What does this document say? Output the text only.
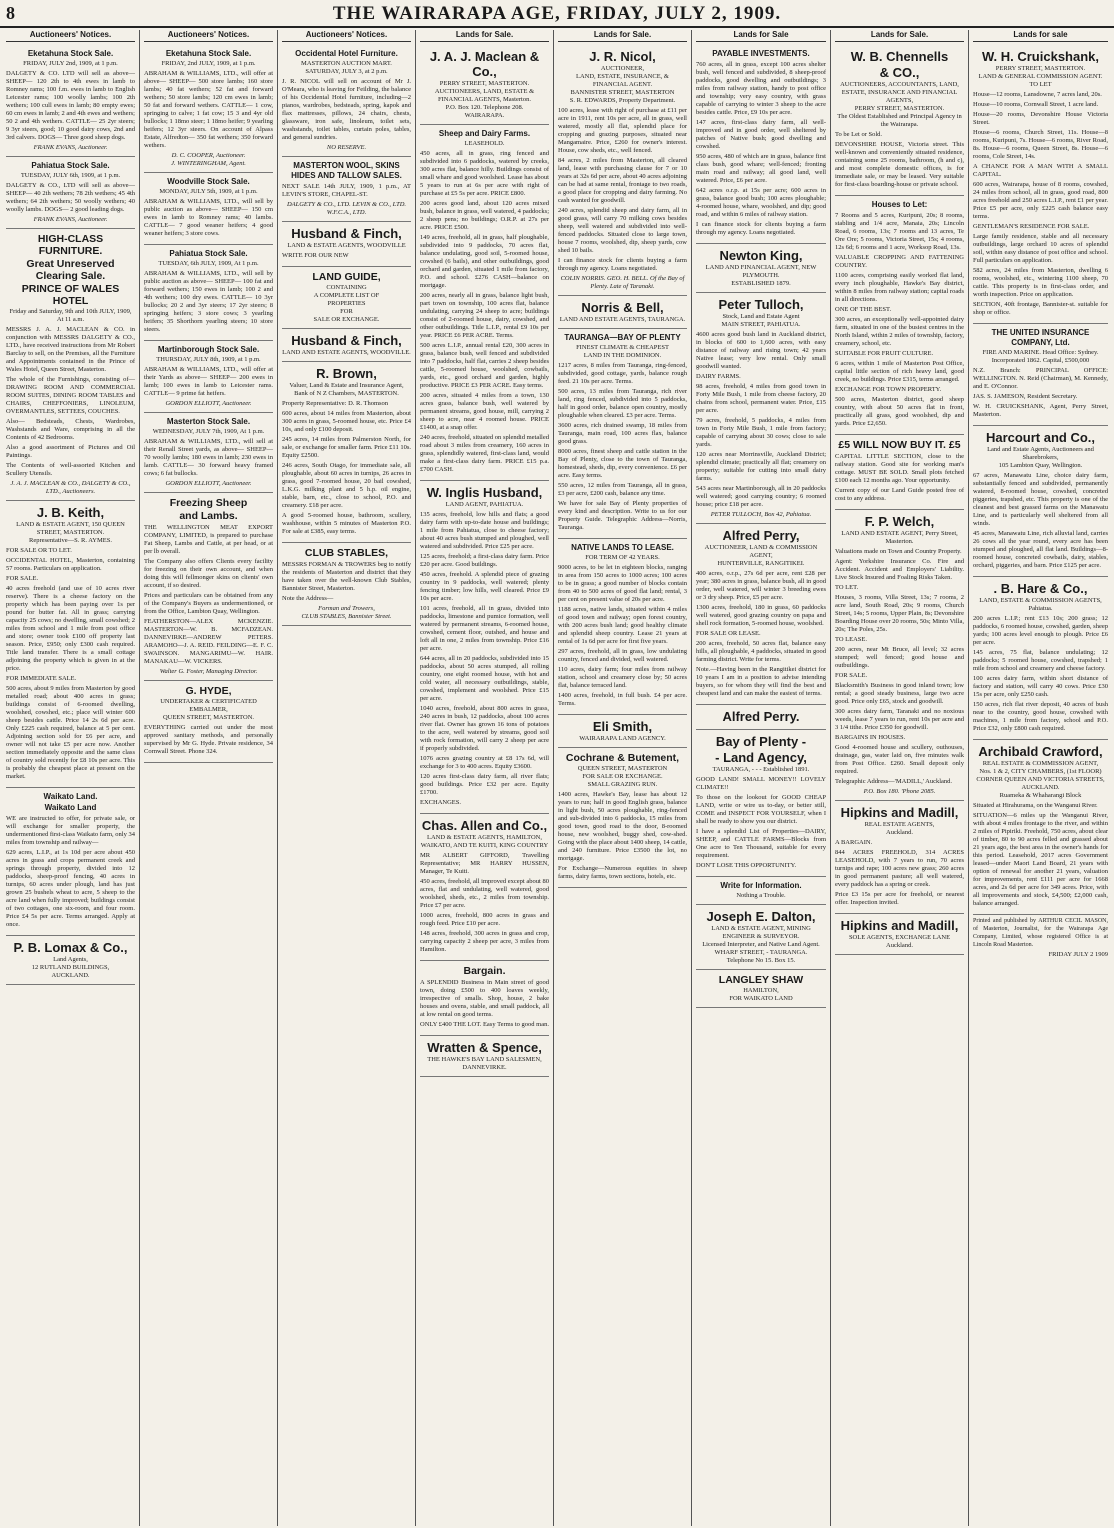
8	THE WAIRARAPA AGE, FRIDAY, JULY 2, 1909.
Auctioneers' Notices.
Eketahuna Stock Sale.
FRIDAY, JULY 2nd, 1909, at 1 p.m.
DALGETY & CO. LTD will sell as above— SHEEP— 120 2th to 4th ewes in lamb to Romney rams; 100 f.m. ewes in lamb to English Leicester rams; 100 woolly lambs; 100 2th wethers; 100 cull ewes in lamb; 80 empty ewes; 60 cm ewes in lamb; 2 and 4th ewes and wethers; 50 2 and 4th wethers. CATTLE— 25 2yr steers; 9 3yr steers, good; 10 good dairy cows, 2nd and 3rd calvers. DOGS— Three good sheep dogs.
FRANK EVANS, Auctioneer.
Pahiatua Stock Sale.
TUESDAY, JULY 6th, 1909, at 1 p.m.
DALGETY & CO., LTD will sell as above— SHEEP— 40 2th wethers; 78 2th wethers; 45 4th wethers; 64 2th wethers; 50 woolly wethers; 40 woolly lambs. DOGS— 2 good leading dogs.
FRANK EVANS, Auctioneer.
HIGH-CLASS FURNITURE.
Great Unreserved Clearing Sale.
PRINCE OF WALES HOTEL
Friday and Saturday, 9th and 10th JULY, 1909, At 11 a.m.
MESSRS J. A. J. MACLEAN & CO. in conjunction with MESSRS DALGETY & CO., LTD., have received instructions from Mr Robert Barclay to sell, on the Premises, all the Furniture and Appointments contained in the Prince of Wales Hotel, Queen Street, Masterton.
The whole of the Furnishings, consisting of— DRAWING ROOM AND COMMERCIAL ROOM SUITES, DINING ROOM TABLES and CHAIRS, CHEFFONIERS, LINOLEUM, OVERMANTLES, SETTEES, COUCHES.
Also— Bedsteads, Chests, Wardrobes, Washstands and Ware, comprising in all the Contents of 42 Bedrooms.
Also a good assortment of Pictures and Oil Paintings.
The Contents of well-assorted Kitchen and Scullery Utensils.
J. A. J. MACLEAN & CO., DALGETY & CO., LTD., Auctioneers.
J. B. Keith,
LAND & ESTATE AGENT, 150 QUEEN STREET, MASTERTON.
Representative—S. R. AYMES.
FOR SALE OR TO LET.
OCCIDENTAL HOTEL, Masterton, containing 57 rooms. Particulars on application.
FOR SALE.
40 acres freehold (and use of 10 acres river reserve). There is a cheese factory on the property which has been paying over 1s per pound for butter fat. All in grass; carrying capacity 25 cows; no dwelling, small cowshed; 2 miles from school and 1 mile from post office and store; owner took £100 off property last season. Price, £950; only £300 cash required. Title land transfer. There is a small cottage adjoining the property which is given in at the price.
FOR IMMEDIATE SALE.
500 acres, about 9 miles from Masterton by good metalled road; about 400 acres in grass; buildings consist of 6-roomed dwelling, woolshed, cowshed, etc.; place will winter 600 sheep besides cattle. Price 14 2s 6d per acre. Only £225 cash required, balance at 5 per cent. Adjoining section sold for £6 per acre, and owner will not take £5 per acre now. Another section immediately opposite and the same class of country sold recently for £8 10s per acre. This is probably the cheapest place at present on the market.
Waikato Land.
Waikato Land
WE are instructed to offer, for private sale, or will exchange for smaller property, the undermentioned first-class Waikato farm, only 34 miles from township and railway—
629 acres, L.I.P., at 1s 10d per acre about 450 acres in grass and crops permanent creek and springs through property, divided into 12 paddocks, sheep-proof fencing, 40 acres in turnips, 60 acres under plough, land has just grown 25 bushels wheat to acre, 5 sheep to the acre land when fully improved; buildings consist of two cottages, one six-room, and four room. Price £4 5s per acre. Terms arranged. Apply at once.
P. B. Lomax & Co.,
Land Agents,
12 RUTLAND BUILDINGS,
AUCKLAND.
Auctioneers' Notices.
Eketahuna Stock Sale.
FRIDAY, 2nd JULY, 1909, at 1 p.m.
ABRAHAM & WILLIAMS, LTD., will offer at above— SHEEP— 500 store lambs; 160 store lambs; 40 fat wethers; 52 fat and forward wethers; 50 store lambs; 120 cm ewes in lamb; 50 fat and forward wethers. CATTLE— 1 cow, springing to calve; 1 fat cow; 15 3 and 4yr old bullocks; 1 18mo steer; 1 18mo heifer; 9 yearling heifers; 12 3yr steers. On account of Alpass Estate, Alfredton— 350 fat wethers; 350 forward wethers.
D. C. COOPER, Auctioneer.
J. WINTERINGHAM, Agent.
Woodville Stock Sale.
MONDAY, JULY 5th, 1909, at 1 p.m.
ABRAHAM & WILLIAMS, LTD., will sell by public auction as above— SHEEP— 150 cm ewes in lamb to Romney rams; 40 lambs. CATTLE— 7 good weaner heifers; 4 good weaner heifers; 3 store cows.
Pahiatua Stock Sale.
TUESDAY, 6th JULY, 1909, At 1 p.m.
ABRAHAM & WILLIAMS, LTD., will sell by public auction as above— SHEEP— 100 fat and forward wethers; 150 ewes in lamb; 100 2 and 4th wethers; 100 dry ewes. CATTLE— 10 3yr bullocks; 20 2 and 3yr steers; 17 2yr steers; 8 springing heifers; 3 store cows; 3 yearling heifers; 35 Shorthorn yearling steers; 10 store steers.
Martinborough Stock Sale.
THURSDAY, JULY 8th, 1909, at 1 p.m.
ABRAHAM & WILLIAMS, LTD., will offer at their Yards as above— SHEEP— 200 ewes in lamb; 100 ewes in lamb to Leicester rams. CATTLE— 9 prime fat heifers.
GORDON ELLIOTT, Auctioneer.
Masterton Stock Sale.
WEDNESDAY, JULY 7th, 1909, At 1 p.m.
ABRAHAM & WILLIAMS, LTD., will sell at their Renall Street yards, as above— SHEEP— 70 woolly lambs; 180 ewes in lamb; 230 ewes in lamb. CATTLE— 30 forward heavy framed cows; 6 fat bullocks.
GORDON ELLIOTT, Auctioneer.
Freezing Sheep
and Lambs.
THE WELLINGTON MEAT EXPORT COMPANY, LIMITED, is prepared to purchase Fat Sheep, Lambs and Cattle, at per head, or at per lb overall.
The Company also offers Clients every facility for freezing on their own account, and when doing this will fellmonger skins on clients' own account, if so desired.
Prices and particulars can be obtained from any of the Company's Buyers as undermentioned, or from the Office, Lambton Quay, Wellington.
FEATHERSTON—ALEX MCKENZIE. MASTERTON—W. B. MCFADZEAN. DANNEVIRKE—ANDREW PETERS. ARAMOHO—J. A. REID. FEILDING—E. F. C. SWAINSON. MANGARIMU—W. HAIR. MANAKAU—W. VICKERS.
Walter G. Foster, Managing Director.
G. HYDE,
UNDERTAKER & CERTIFICATED EMBALMER,
QUEEN STREET, MASTERTON.
EVERYTHING carried out under the most approved sanitary methods, and personally supervised by Mr G. Hyde. Private residence, 34 Cornwall Street. Phone 324.
Auctioneers' Notices.
Occidental Hotel Furniture.
MASTERTON AUCTION MART.
SATURDAY, JULY 3, at 2 p.m.
J. R. NICOL will sell on account of Mr J. O'Meara, who is leaving for Feilding, the balance of his Occidental Hotel furniture, including—2 pianos, wardrobes, bedsteads, spring, kapok and flax mattresses, pillows, 24 chairs, chests, glassware, iron safe, linoleum, toilet sets, washstands, toilet tables, curtain poles, tables, and general sundries.
NO RESERVE.
MASTERTON WOOL, SKINS HIDES AND TALLOW SALES.
NEXT SALE 14th JULY, 1909, 1 p.m., AT LEVIN'S STORE, CHAPEL-ST.
DALGETY & CO., LTD. LEVIN & CO., LTD. W.F.C.A., LTD.
Husband & Finch,
LAND & ESTATE AGENTS, WOODVILLE
WRITE FOR OUR NEW
LAND GUIDE,
CONTAINING
A COMPLETE LIST OF
PROPERTIES
FOR
SALE OR EXCHANGE.
Husband & Finch,
LAND AND ESTATE AGENTS, WOODVILLE.
R. Brown,
Valuer, Land & Estate and Insurance Agent,
Bank of N Z Chambers, MASTERTON.
Property Representative: D. R. Thomson
600 acres, about 14 miles from Masterton, about 300 acres in grass, 5-roomed house, etc. Price £4 10s, and only £100 deposit.
245 acres, 14 miles from Palmerston North, for sale, or exchange for smaller farm. Price £11 10s. Equity £2500.
246 acres, South Otago, for immediate sale, all ploughable, about 60 acres in turnips, 26 acres in grass, good 7-roomed house, 20 bail cowshed, L.K.G. milking plant and 5 h.p. oil engine, stable, barn, etc., close to school, P.O. and creamery. £18 per acre.
A good 5-roomed house, bathroom, scullery, washhouse, within 5 minutes of Masterton P.O. For sale at £385, easy terms.
CLUB STABLES,
MESSRS FORMAN & TROWERS beg to notify the residents of Masterton and district that they have taken over the well-known Club Stables, Bannister Street, Masterton.
Note the Address—
Forman and Trowers,
CLUB STABLES, Bannister Street.
Lands for Sale.
J. A. J. Maclean & Co.,
PERRY STREET, MASTERTON.
AUCTIONEERS, LAND, ESTATE & FINANCIAL AGENTS, Masterton.
P.O. Box 120. Telephone 208.
WAIRARAPA.
Sheep and Dairy Farms.
LEASEHOLD.
450 acres, all in grass, ring fenced and subdivided into 6 paddocks, watered by creeks, 300 acres flat, balance hilly. Buildings consist of small whare and good woolshed. Lease has about 5 years to run at 6s per acre with right of purchase at £5 5s per acre. PRICE £800.
200 acres good land, about 120 acres mixed bush, balance in grass, well watered, 4 paddocks; 2 sheep pens; no buildings; O.R.P. at 27s per acre. PRICE £500.
149 acres, freehold, all in grass, half ploughable, subdivided into 9 paddocks, 70 acres flat, balance undulating, good soil, 5-roomed house, cowshed (6 bails), and other outbuildings, good orchard and garden, situated 1 mile from factory, P.O. and school. £276 CASH—balance on mortgage.
200 acres, nearly all in grass, balance light bush, part town on township, 100 acres flat, balance undulating, carrying 24 sheep to acre; buildings consist of 2-roomed house, dairy, cowshed, and other outbuildings. Title L.I.P., rental £9 10s per year. PRICE £6 PER ACRE. Terms.
500 acres L.I.P., annual rental £20, 300 acres in grass, balance bush, well fenced and subdivided into 7 paddocks, half flat, carries 2 sheep besides cattle, 5-roomed house, woolshed, cowbails, yards, etc., good orchard and garden, highly productive. PRICE £3 PER ACRE. Easy terms.
200 acres, situated 4 miles from a town, 130 acres grass, balance bush, well watered by permanent streams, good house, mill, carrying 2 sheep to acre, near 4 roomed house. PRICE £1400, at a snap offer.
240 acres, freehold, situated on splendid metalled road about 3 miles from creamery, 160 acres in grass, splendidly watered, first-class land, would make a first-class dairy farm. PRICE £15 p.a. £700 CASH.
W. Inglis Husband,
LAND AGENT, PAHIATUA.
135 acres, freehold, low hills and flats; a good dairy farm with up-to-date house and buildings; 1 mile from Pahiatua, close to cheese factory; about 40 acres bush stumped and ploughed, well watered and subdivided. Price £25 per acre.
125 acres, freehold; a first-class dairy farm. Price £20 per acre. Good buildings.
450 acres, freehold. A splendid piece of grazing country in 9 paddocks, well watered; plenty fencing timber; low hills, well cleared. Price £9 10s per acre.
101 acres, freehold, all in grass, divided into paddocks, limestone and pumice formation, well watered by permanent streams, 6-roomed house, cowshed, cement floor, outshed, and house and loft all in one, 2 miles from township. Price £16 per acre.
644 acres, all in 20 paddocks, subdivided into 15 paddocks, about 50 acres stumped, all rolling country, one eight roomed house, with hot and cold water, all necessary outbuildings, stable, cowshed, implement and woolshed. Price £15 per acre.
1040 acres, freehold, about 800 acres in grass, 240 acres in bush, 12 paddocks, about 100 acres river flat. Owner has grown 16 tons of potatoes to the acre, well watered by streams, good soil with rock formation, will carry 2 sheep per acre if properly subdivided.
1076 acres grazing country at £8 17s 6d, will exchange for 3 to 400 acres. Equity £3600.
120 acres first-class dairy farm, all river flats; good buildings. Price £32 per acre. Equity £1700.
EXCHANGES.
Chas. Allen and Co.,
LAND & ESTATE AGENTS, HAMILTON, WAIKATO, AND TE KUITI, KING COUNTRY
MR ALBERT GIFFORD, Travelling Representative; MR HARRY HUSSEN, Manager, Te Kuiti.
450 acres, freehold, all improved except about 80 acres, flat and undulating, well watered, good woolshed, sheds, etc., 2 miles from township. Price £7 per acre.
1000 acres, freehold, 800 acres in grass and rough feed. Price £10 per acre.
148 acres, freehold, 300 acres in grass and crop, carrying capacity 2 sheep per acre, 3 miles from Hamilton.
Bargain.
A SPLENDID Business in Main street of good town, doing £500 to 400 loaves weekly, irrespective of smalls. Shop, house, 2 bake houses and ovens, stable, and small paddock, all at low rental on good terms.
ONLY £400 THE LOT. Easy Terms to good man.
Wratten & Spence,
THE HAWKE'S BAY LAND SALESMEN, DANNEVIRKE.
Lands for Sale.
J. R. Nicol,
AUCTIONEER,
LAND, ESTATE, INSURANCE, & FINANCIAL AGENT.
BANNISTER STREET, MASTERTON
S. R. EDWARDS, Property Department.
100 acres, lease with right of purchase at £11 per acre in 1911, rent 10s per acre, all in grass, well watered, mostly all flat, splendid place for cropping and grazing purposes, situated near Mangamaire. Price, £260 for owner's interest. House, cow sheds, etc., well fenced.
84 acres, 2 miles from Masterton, all cleared land, lease with purchasing clause for 7 or 10 years at 32s 6d per acre, about 40 acres adjoining can be had at same rental, frontage to two roads, a good place for cropping and dairy farming. No cash wanted for goodwill.
240 acres, splendid sheep and dairy farm, all in good grass, will carry 70 milking cows besides sheep, well watered and subdivided into well-fenced paddocks. Situated close to large town, house 7 rooms, woolshed, dip, sheep yards, cow shed 10 bails.
I can finance stock for clients buying a farm through my agency. Loans negotiated.
COLIN NORRIS. GEO. H. BELL. Of the Bay of Plenty. Late of Taranaki.
Norris & Bell,
LAND AND ESTATE AGENTS, TAURANGA.
TAURANGA—BAY OF PLENTY
FINEST CLIMATE & CHEAPEST
LAND IN THE DOMINION.
1217 acres, 8 miles from Tauranga, ring-fenced, subdivided, good cottage, yards, balance rough feed. 21 10s per acre. Terms.
500 acres, 13 miles from Tauranga, rich river land, ring fenced, subdivided into 5 paddocks, half in good order, balance open country, mostly ploughable when cleared. £3 per acre. Terms.
3600 acres, rich drained swamp, 18 miles from Tauranga, main road, 100 acres flax, balance good grass.
8000 acres, finest sheep and cattle station in the Bay of Plenty, close to the town of Tauranga, homestead, sheds, dip, every convenience. £6 per acre. Easy terms.
550 acres, 12 miles from Tauranga, all in grass, £3 per acre, £200 cash, balance any time.
We have for sale Bay of Plenty properties of every kind and description. Write to us for our Property Guide. Telegraphic Address—Norris, Tauranga.
NATIVE LANDS TO LEASE.
FOR TERM OF 42 YEARS.
9000 acres, to be let in eighteen blocks, ranging in area from 150 acres to 1000 acres; 100 acres to be in grass; a good number of blocks contain from 40 to 500 acres of good flat land; rental, 3 per cent on present value of 20s per acre.
1188 acres, native lands, situated within 4 miles of good town and railway; open forest country, with 200 acres bush land; good healthy climate and splendid sheep country. Lease 21 years at rental of 1s 6d per acre for first five years.
297 acres, freehold, all in grass, low undulating country, fenced and divided, well watered.
110 acres, dairy farm; four miles from railway station, school and creamery close by; 50 acres flat, balance terraced land.
1400 acres, freehold, in full bush. £4 per acre. Terms.
Eli Smith,
WAIRARAPA LAND AGENCY.
Cochrane & Butement,
QUEEN STREET, MASTERTON
FOR SALE OR EXCHANGE.
SMALL GRAZING RUN.
1400 acres, Hawke's Bay, lease has about 12 years to run; half in good English grass, balance in light bush, 50 acres ploughable, ring-fenced and sub-divided into 6 paddocks, 15 miles from good town, good road to the door, 8-roomed house, new woolshed, buggy shed, cow-shed. Going with the place about 1400 sheep, 14 cattle, and 240 furniture. Price £3500 the lot, no mortgage.
For Exchange—Numerous equities in sheep farms, dairy farms, town sections, hotels, etc.
Lands for Sale
PAYABLE INVESTMENTS.
760 acres, all in grass, except 100 acres shelter bush, well fenced and subdivided, 8 sheep-proof paddocks, good dwelling and outbuildings; 3 miles from railway station, handy to post office and township; very easy country, with grass capable of carrying to winter 3 sheep to the acre besides cattle. Price, £9 10s per acre.
147 acres, first-class dairy farm, all well-improved and in good order, well sheltered by patches of Native bush; good dwelling and cowshed.
950 acres, 480 of which are in grass, balance first class bush, good whare; well-fenced; fronting main road and railway; all good land, well watered. Price, £6 per acre.
642 acres o.r.p. at 15s per acre; 600 acres in grass, balance good bush; 100 acres ploughable; 4-roomed house, whare, woolshed, and dip; good road, and within 6 miles of railway station.
I can finance stock for clients buying a farm through my agency. Loans negotiated.
Newton King,
LAND AND FINANCIAL AGENT, NEW PLYMOUTH.
ESTABLISHED 1879.
Peter Tulloch,
Stock, Land and Estate Agent
MAIN STREET, PAHIATUA.
4600 acres good bush land in Auckland district, in blocks of 600 to 1,600 acres, with easy distance of railway and rising town; 42 years Native lease; very low rental. Only small goodwill wanted.
DAIRY FARMS.
98 acres, freehold, 4 miles from good town in Forty Mile Bush, 1 mile from cheese factory, 20 chains from school, permanent water. Price, £15 per acre.
79 acres, freehold, 5 paddocks, 4 miles from town in Forty Mile Bush, 1 mile from factory; capable of carrying about 30 cows; close to sale yards.
120 acres near Morrinsville, Auckland District; splendid climate; practically all flat; creamery on property; suitable for cutting into small dairy farms.
543 acres near Martinborough, all in 20 paddocks well watered; good carrying country; 6 roomed house; price £18 per acre.
PETER TULLOCH, Box 42, Pahiatua.
Alfred Perry,
AUCTIONEER, LAND & COMMISSION AGENT,
HUNTERVILLE, RANGITIKEI.
400 acres, o.r.p., 27s 6d per acre, rent £28 per year; 380 acres in grass, balance bush, all in good order, well watered, will winter 3 breeding ewes or 3 dry sheep. Price, £5 per acre.
1300 acres, freehold, 180 in grass, 60 paddocks well watered, good grazing country on papa and shell rock formation, 5-roomed house, woolshed.
FOR SALE OR LEASE.
200 acres, freehold, 50 acres flat, balance easy hills, all ploughable, 4 paddocks, situated in good farming district. Write for terms.
Note.—Having been in the Rangitikei district for 10 years I am in a position to advise intending buyers, so for whom they will find the best and cheapest land and can make the easiest of terms.
Alfred Perry.
Bay of Plenty -
- Land Agency,
TAURANGA, - - - Established 1891.
GOOD LAND! SMALL MONEY!! LOVELY CLIMATE!!
To those on the lookout for GOOD CHEAP LAND, write or wire us to-day, or better still, COME and INSPECT FOR YOURSELF, when I shall be ready to show you our district.
I have a splendid List of Properties—DAIRY, SHEEP, and CATTLE FARMS—Blocks from One acre to Ten Thousand, suitable for every requirement.
DON'T LOSE THIS OPPORTUNITY.
Write for Information.
Nothing a Trouble.
Joseph E. Dalton,
LAND & ESTATE AGENT, MINING ENGINEER & SURVEYOR.
Licensed Interpreter, and Native Land Agent.
WHARF STREET, - TAURANGA.
Telephone No 15. Box 15.
LANGLEY SHAW
HAMILTON,
FOR WAIKATO LAND
Lands for Sale.
W. B. Chennells
& CO.,
AUCTIONEERS, ACCOUNTANTS, LAND, ESTATE, INSURANCE AND FINANCIAL AGENTS,
PERRY STREET, MASTERTON.
The Oldest Established and Principal Agency in the Wairarapa.
To be Let or Sold.
DEVONSHIRE HOUSE, Victoria street. This well-known and conveniently situated residence, containing some 25 rooms, bathroom, (h and c), and most complete domestic offices, is for immediate sale, or may be leased. Very suitable for first-class boarding-house or private school.
Houses to Let:
7 Rooms and 5 acres, Kuripuni, 20s; 8 rooms, stabling and 1/4 acre, Manaia, 20s; Lincoln Road, 6 rooms, 13s; 7 rooms and 13 acres, Te Ore Ore; 5 rooms, Victoria Street, 15s; 4 rooms, 12s 6d; 6 rooms and 1 acre, Worksop Road, 13s.
VALUABLE CROPPING AND FATTENING COUNTRY.
1100 acres, comprising easily worked flat land, every inch ploughable, Hawke's Bay district, within 8 miles from railway station; capital roads in all directions.
ONE OF THE BEST.
300 acres, an exceptionally well-appointed dairy farm, situated in one of the busiest centres in the North Island, within 2 miles of township, factory, creamery, school, etc.
SUITABLE FOR FRUIT CULTURE.
6 acres, within 1 mile of Masterton Post Office, capital little section of rich heavy land, good creek, no buildings. Price £315, terms arranged.
EXCHANGE FOR TOWN PROPERTY.
500 acres, Masterton district, good sheep country, with about 50 acres flat in front, practically all grass, good woolshed, dip and yards. Price £2,650.
£5 WILL NOW BUY IT. £5
CAPITAL LITTLE SECTION, close to the railway station. Good site for working man's cottage. MUST BE SOLD. Small plots fetched £100 each 12 months ago. Your opportunity.
Current copy of our Land Guide posted free of cost to any address.
F. P. Welch,
LAND AND ESTATE AGENT, Perry Street, Masterton.
Valuations made on Town and Country Property.
Agent: Yorkshire Insurance Co. Fire and Accident. Accident and Employers' Liability. Live Stock Insured and Foaling Risks Taken.
TO LET.
Houses, 3 rooms, Villa Street, 13s; 7 rooms, 2 acre land, South Road, 20s; 9 rooms, Church Street, 14s; 5 rooms, Upper Plain, 8s; Devonshire Boarding House over 20 rooms, 50s; Minto Villa, 20s; The Poles, 25s.
TO LEASE.
200 acres, near Mt Bruce, all level; 32 acres stumped; well fenced; good house and outbuildings.
FOR SALE.
Blacksmith's Business in good inland town; low rental; a good steady business, large two acre good. Price only £65, stock and goodwill.
300 acres dairy farm, Taranaki and no noxious weeds, lease 7 years to run, rent 10s per acre and 3 1/4 tithe. Price £350 for goodwill.
BARGAINS IN HOUSES.
Good 4-roomed house and scullery, outhouses, drainage, gas, water laid on, five minutes walk from Post Office. £260. Small deposit only required.
Telegraphic Address—'MADILL,' Auckland.
P.O. Box 180. 'Phone 2085.
Hipkins and Madill,
REAL ESTATE AGENTS,
Auckland.
A BARGAIN.
844 ACRES FREEHOLD, 314 ACRES LEASEHOLD, with 7 years to run, 70 acres turnips and rape; 100 acres new grass; 260 acres in good permanent pasture; all well watered, every paddock has a spring or creek.
Price £3 15s per acre for freehold, or nearest offer. Inspection invited.
Hipkins and Madill,
SOLE AGENTS, EXCHANGE LANE
Auckland.
Lands for sale
W. H. Cruickshank,
PERRY STREET, MASTERTON.
LAND & GENERAL COMMISSION AGENT.
TO LET
House—12 rooms, Lansdowne, 7 acres land, 20s.
House—10 rooms, Cornwall Street, 1 acre land.
House—20 rooms, Devonshire House Victoria Street.
House—6 rooms, Church Street, 11s. House—8 rooms, Kuripuni, 7s. House—6 rooms, River Road, 8s. House—6 rooms, Queen Street, 8s. House—6 rooms, Cole Street, 14s.
A CHANCE FOR A MAN WITH A SMALL CAPITAL.
600 acres, Wairarapa, house of 8 rooms, cowshed, 24 miles from school, all in grass, good road, 800 acres freehold and 250 acres L.I.P., rent £1 per year. Price £5 per acre, only £225 cash balance easy terms.
GENTLEMAN'S RESIDENCE FOR SALE.
Large family residence, stable and all necessary outbuildings, large orchard 10 acres of splendid soil, within easy distance of post office and school. Full particulars on application.
582 acres, 24 miles from Masterton, dwelling 6 rooms, woolshed, etc., wintering 1100 sheep, 70 cattle. This property is in first-class order, and worth inspection. Price on application.
SECTION, 40ft frontage, Bannister-st. suitable for shop or office.
THE UNITED INSURANCE COMPANY, Ltd.
FIRE AND MARINE. Head Office: Sydney.
Incorporated 1862. Capital, £500,000
N.Z. Branch: PRINCIPAL OFFICE: WELLINGTON. N. Reid (Chairman), M. Kennedy, and E. O'Connor.
JAS. S. JAMESON, Resident Secretary.
W. H. CRUICKSHANK, Agent, Perry Street, Masterton.
Harcourt and Co.,
Land and Estate Agents, Auctioneers and Sharebrokers,
105 Lambton Quay, Wellington.
67 acres, Manawatu Line, choice dairy farm, substantially fenced and subdivided, permanently watered, 8-roomed house, cowshed, concreted piggeries, trapshed, etc. This property is one of the cleanest and best grassed farms on the Manawatu Line, and is particularly well sheltered from all winds.
45 acres, Manawatu Line, rich alluvial land, carries 26 cows all the year round, every acre has been stumped and ploughed, all flat land. Buildings—8-roomed house, concreted cowbails, dairy, stables, orchard, piggeries, and barn. Price £125 per acre.
. B. Hare & Co.,
LAND, ESTATE & COMMISSION AGENTS,
Pahiatua.
200 acres L.I.P.; rent £13 10s; 200 grass; 12 paddocks, 6 roomed house, cowshed, garden, sheep yards; 100 acres level enough to plough. Price £6 per acre.
145 acres, 75 flat, balance undulating; 12 paddocks; 5 roomed house, cowshed, trapshed; 1 mile from school and creamery and cheese factory.
100 acres dairy farm, within short distance of factory and station, will carry 40 cows. Price £30 15s per acre, only £250 cash.
150 acres, rich flat river deposit, 40 acres of bush near to the country, good house, cowshed with machines, 1 mile from factory, school and P.O. Price £32, only £800 cash required.
Archibald Crawford,
REAL ESTATE & COMMISSION AGENT,
Nos. 1 & 2, CITY CHAMBERS, (1st FLOOR) CORNER QUEEN AND VICTORIA STREETS, AUCKLAND.
Ruameka & Whaharangi Block
Situated at Hirahurama, on the Wanganui River.
SITUATION—6 miles up the Wanganui River, with about 4 miles frontage to the river, and within 2 miles of Pipiriki. Freehold, 750 acres, about clear of timber, 80 to 90 acres felled and grassed about 21 years ago, the best area in the owner's hands for this period. Leasehold, 2017 acres Government leased—under Maori Land Board, 21 years with option of renewal for another 21 years, valuation for improvements, rent £111 per acre for 1668 acres, and 2s 6d per acre for 349 acres. Price, with all improvements and stock, £4,500; £2,000 cash, balance arranged.
Printed and published by ARTHUR CECIL MASON, of Masterton, Journalist, for the Wairarapa Age Company, Limited, whose registered Office is at Lincoln Road Masterton.
FRIDAY JULY 2 1909
